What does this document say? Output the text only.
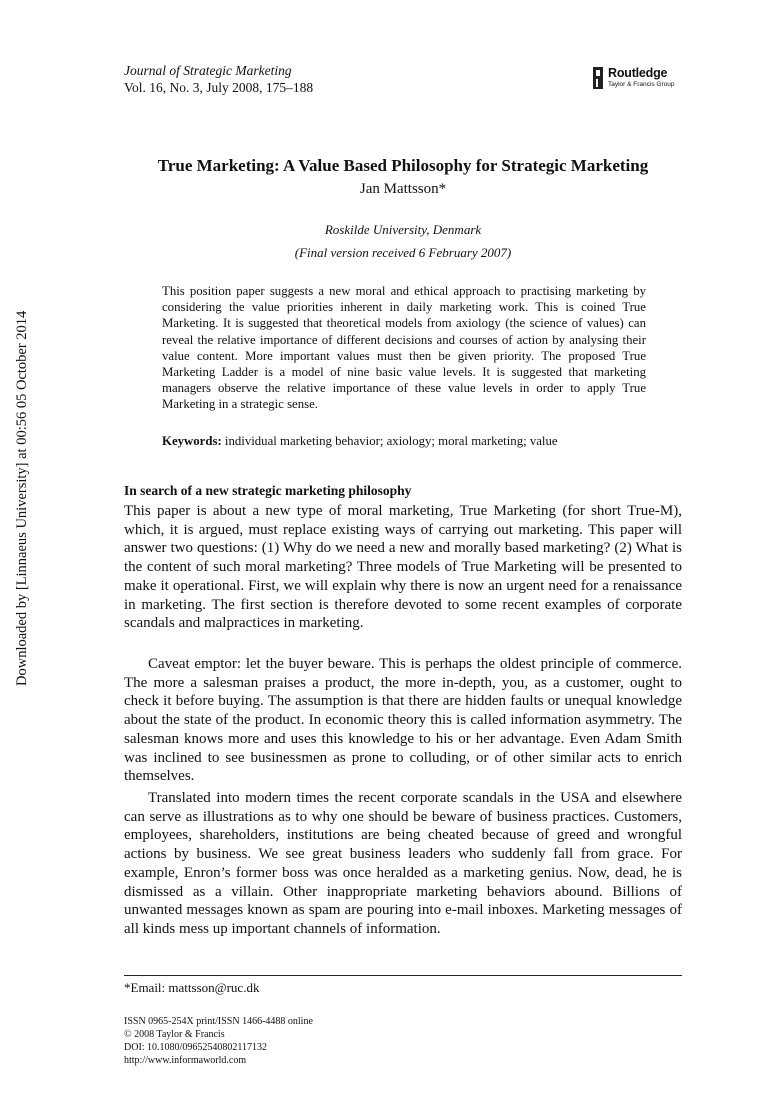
Journal of Strategic Marketing
Vol. 16, No. 3, July 2008, 175–188
Routledge
Taylor & Francis Group
True Marketing: A Value Based Philosophy for Strategic Marketing
Jan Mattsson*
Roskilde University, Denmark
(Final version received 6 February 2007)
This position paper suggests a new moral and ethical approach to practising marketing by considering the value priorities inherent in daily marketing work. This is coined True Marketing. It is suggested that theoretical models from axiology (the science of values) can reveal the relative importance of different decisions and courses of action by analysing their value content. More important values must then be given priority. The proposed True Marketing Ladder is a model of nine basic value levels. It is suggested that marketing managers observe the relative importance of these value levels in order to apply True Marketing in a strategic sense.
Keywords: individual marketing behavior; axiology; moral marketing; value
In search of a new strategic marketing philosophy
This paper is about a new type of moral marketing, True Marketing (for short True-M), which, it is argued, must replace existing ways of carrying out marketing. This paper will answer two questions: (1) Why do we need a new and morally based marketing? (2) What is the content of such moral marketing? Three models of True Marketing will be presented to make it operational. First, we will explain why there is now an urgent need for a renaissance in marketing. The first section is therefore devoted to some recent examples of corporate scandals and malpractices in marketing.
Caveat emptor: let the buyer beware. This is perhaps the oldest principle of commerce. The more a salesman praises a product, the more in-depth, you, as a customer, ought to check it before buying. The assumption is that there are hidden faults or unequal knowledge about the state of the product. In economic theory this is called information asymmetry. The salesman knows more and uses this knowledge to his or her advantage. Even Adam Smith was inclined to see businessmen as prone to colluding, or of other similar acts to enrich themselves.
Translated into modern times the recent corporate scandals in the USA and elsewhere can serve as illustrations as to why one should be beware of business practices. Customers, employees, shareholders, institutions are being cheated because of greed and wrongful actions by business. We see great business leaders who suddenly fall from grace. For example, Enron’s former boss was once heralded as a marketing genius. Now, dead, he is dismissed as a villain. Other inappropriate marketing behaviors abound. Billions of unwanted messages known as spam are pouring into e-mail inboxes. Marketing messages of all kinds mess up important channels of information.
*Email: mattsson@ruc.dk
ISSN 0965-254X print/ISSN 1466-4488 online
© 2008 Taylor & Francis
DOI: 10.1080/09652540802117132
http://www.informaworld.com
Downloaded by [Linnaeus University] at 00:56 05 October 2014
